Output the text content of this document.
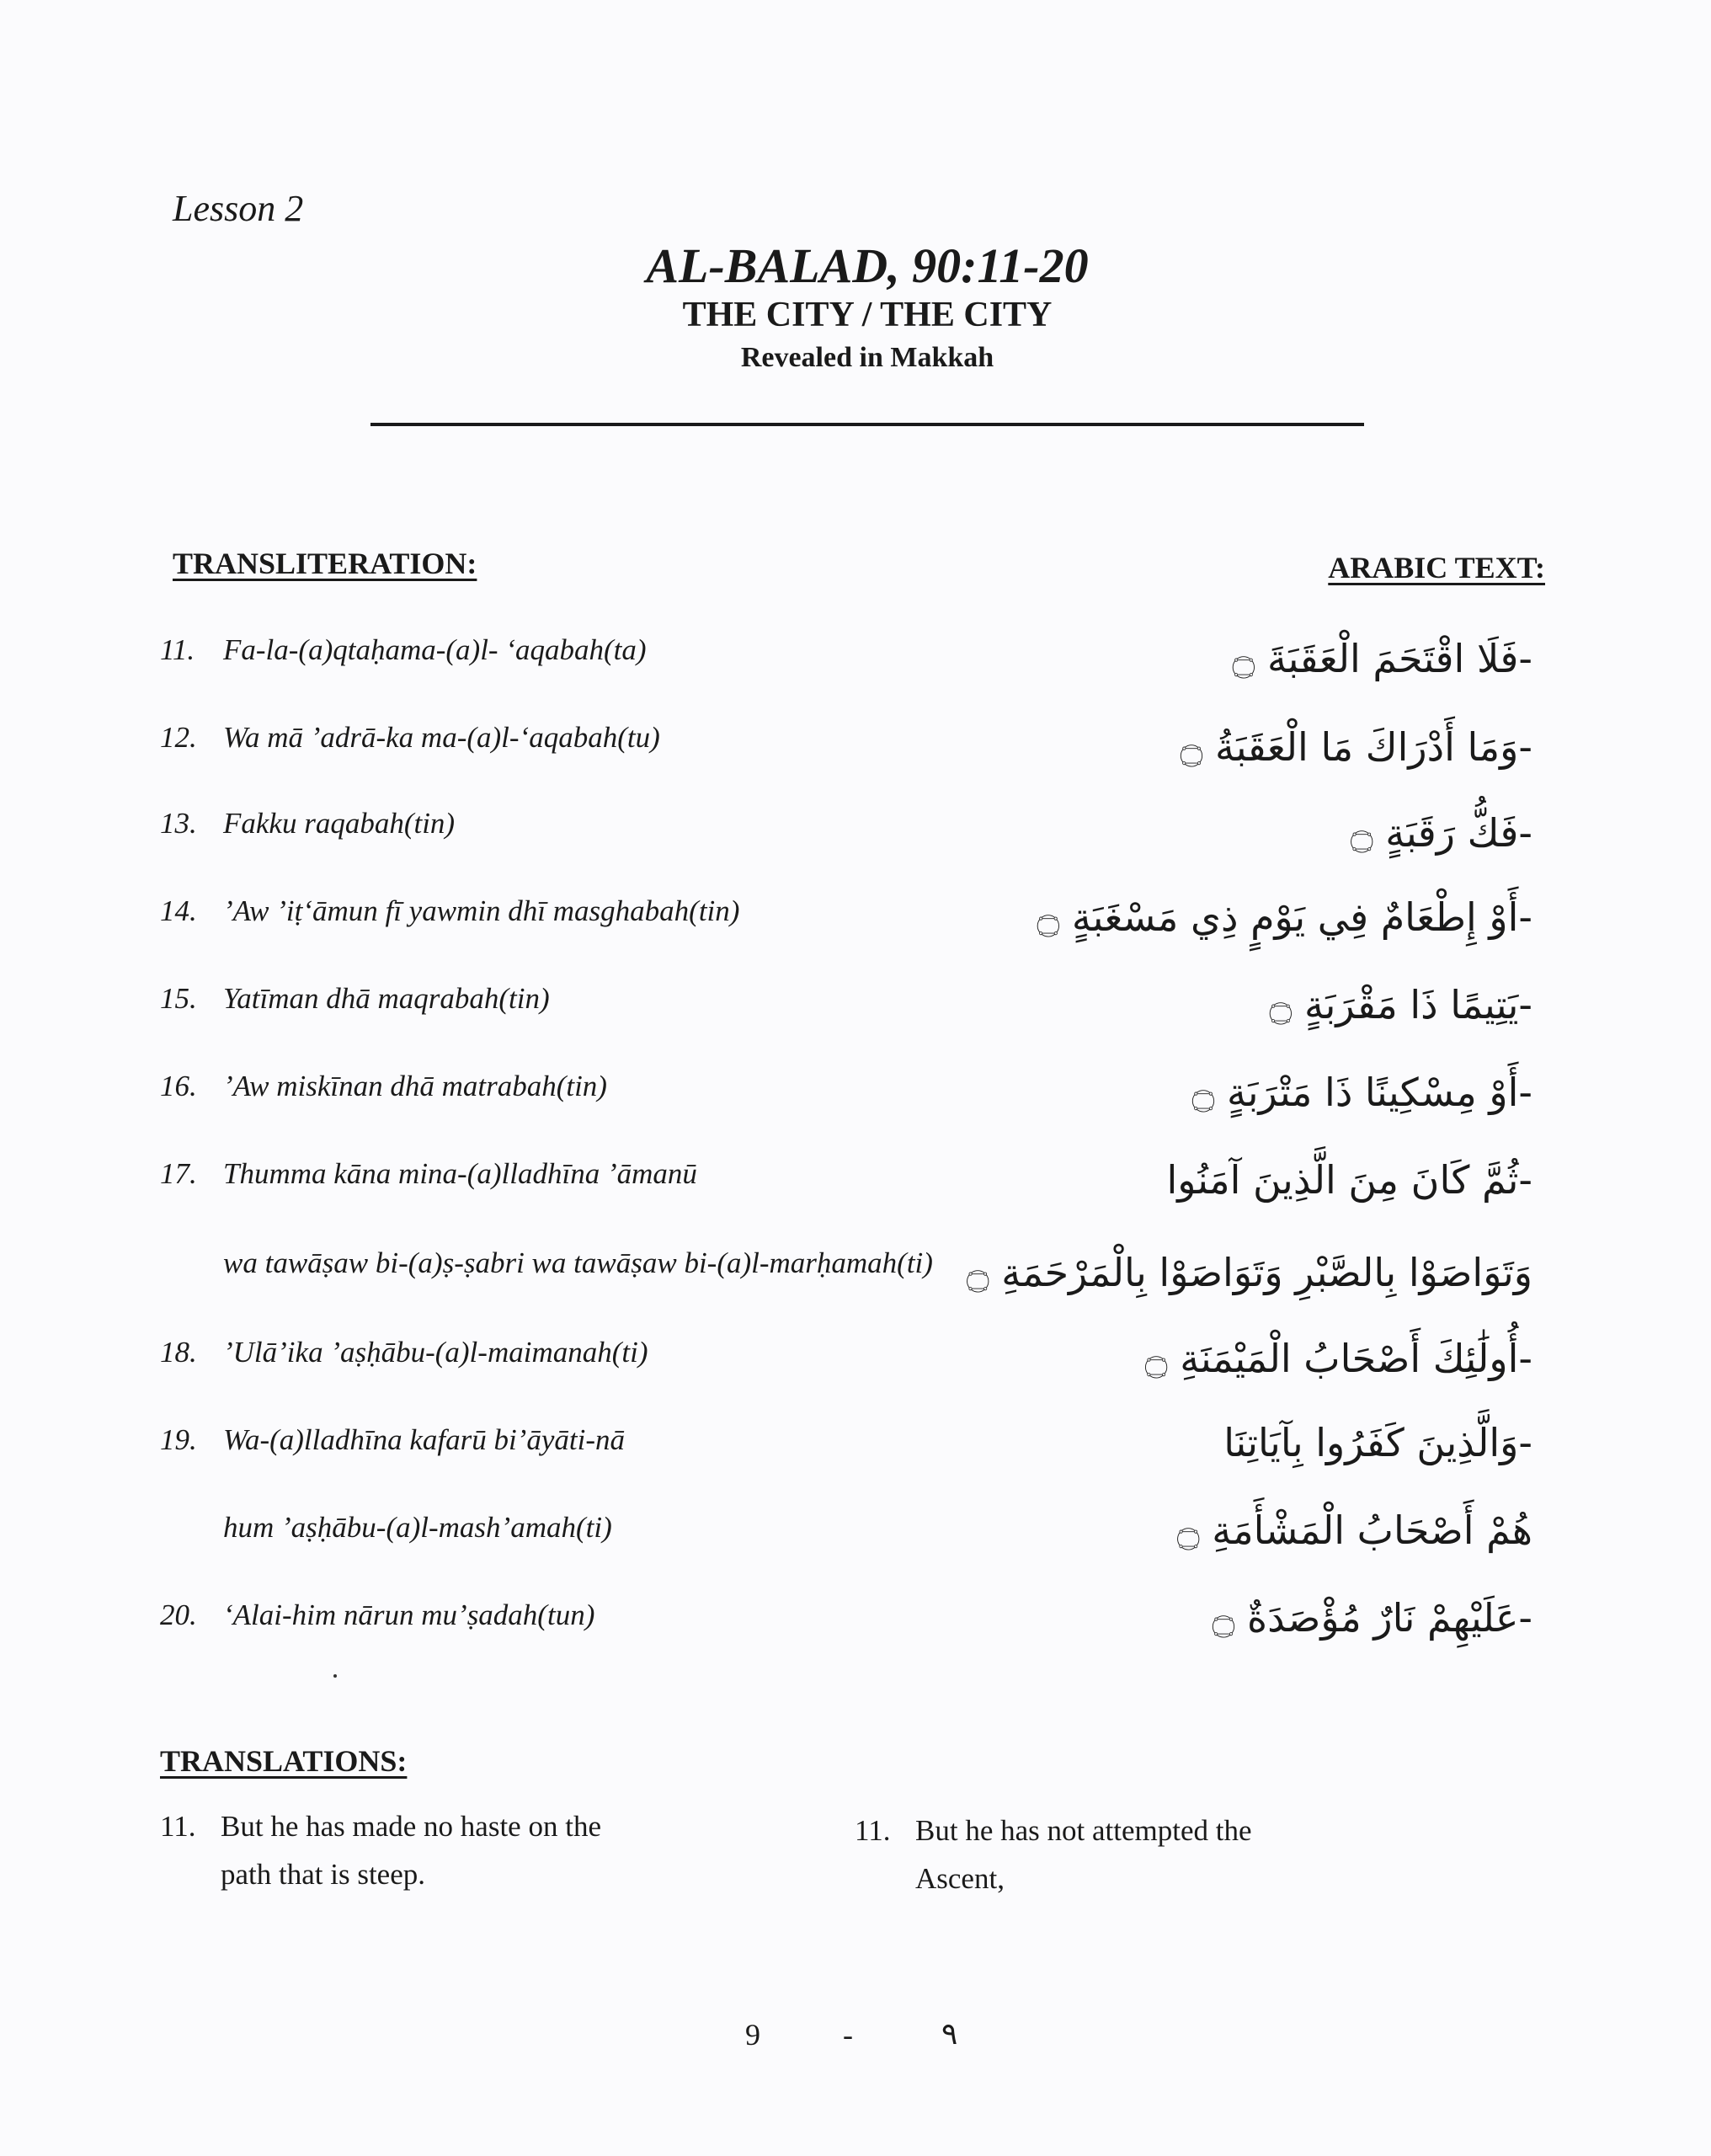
Lesson 2
AL-BALAD, 90:11-20
THE CITY / THE CITY
Revealed in Makkah
TRANSLITERATION:	ARABIC TEXT:
11. Fa-la-(a)qtaḥama-(a)l- ‘aqabah(ta)	-فَلَا اقْتَحَمَ الْعَقَبَةَ ۝
12. Wa mā ’adrā-ka ma-(a)l-‘aqabah(tu)	-وَمَا أَدْرَاكَ مَا الْعَقَبَةُ ۝
13. Fakku raqabah(tin)	-فَكُّ رَقَبَةٍ ۝
14. ’Aw ’iṭ‘āmun fī yawmin dhī masghabah(tin)	-أَوْ إِطْعَامٌ فِي يَوْمٍ ذِي مَسْغَبَةٍ ۝
15. Yatīman dhā maqrabah(tin)	-يَتِيمًا ذَا مَقْرَبَةٍ ۝
16. ’Aw miskīnan dhā matrabah(tin)	-أَوْ مِسْكِينًا ذَا مَتْرَبَةٍ ۝
17. Thumma kāna mina-(a)lladhīna ’āmanū	-ثُمَّ كَانَ مِنَ الَّذِينَ آمَنُوا
wa tawāṣaw bi-(a)ṣ-ṣabri wa tawāṣaw bi-(a)l-marḥamah(ti) وَتَوَاصَوْا بِالصَّبْرِ وَتَوَاصَوْا بِالْمَرْحَمَةِ ۝
18. ’Ulā’ika ’aṣḥābu-(a)l-maimanah(ti)	-أُولَٰئِكَ أَصْحَابُ الْمَيْمَنَةِ ۝
19. Wa-(a)lladhīna kafarū bi’āyāti-nā	-وَالَّذِينَ كَفَرُوا بِآيَاتِنَا
hum ’aṣḥābu-(a)l-mash’amah(ti)	هُمْ أَصْحَابُ الْمَشْأَمَةِ ۝
20. ‘Alai-him nārun mu’ṣadah(tun)	-عَلَيْهِمْ نَارٌ مُؤْصَدَةٌ ۝
TRANSLATIONS:
11. But he has made no haste on the
path that is steep.
11. But he has not attempted the
Ascent,
9	-	٩
